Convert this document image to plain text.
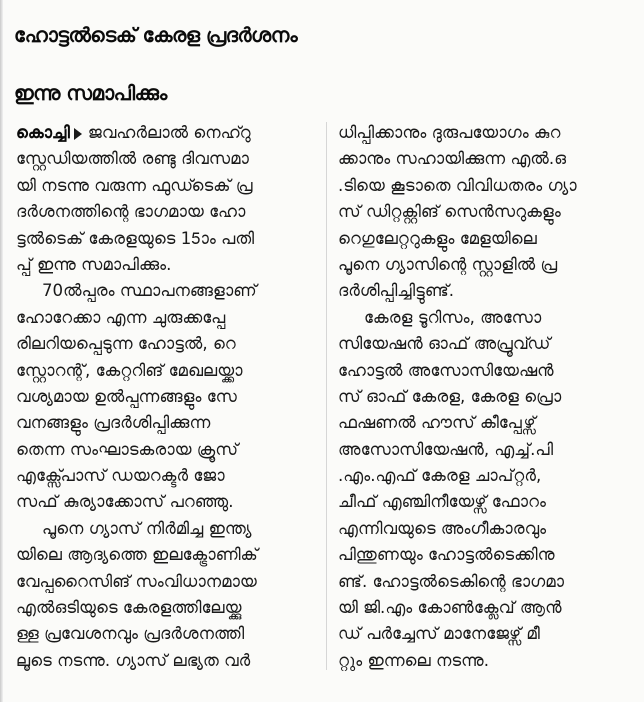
ഹോട്ടൽടെക് കേരള പ്രദർശനം
ഇന്നു സമാപിക്കും
കൊച്ചി ജവഹർലാൽ നെഹ്റു
സ്റ്റേഡിയത്തിൽ രണ്ടു ദിവസമാ
യി നടന്നു വരുന്ന ഫുഡ്ടെക് പ്ര
ദർശനത്തിന്റെ ഭാഗമായ ഹോ
ട്ടൽടെക് കേരളയുടെ 15ാം പതി
പ്പ് ഇന്നു സമാപിക്കും.
70ൽപ്പരം സ്ഥാപനങ്ങളാണ്
ഹോറേക്കാ എന്ന ചുരുക്കപ്പേ
രിലറിയപ്പെടുന്ന ഹോട്ടൽ, റെ
സ്റ്റോറന്റ്, കേറ്ററിങ് മേഖലയ്ക്കാ
വശ്യമായ ഉൽപ്പന്നങ്ങളും സേ
വനങ്ങളും പ്രദർശിപ്പിക്കുന്ന
തെന്ന സംഘാടകരായ ക്രൂസ്
എക്സ്പോസ് ഡയറക്ടർ ജോ
സഫ് കുര്യാക്കോസ് പറഞ്ഞു.
പൂനെ ഗ്യാസ് നിർമിച്ച ഇന്ത്യ
യിലെ ആദ്യത്തെ ഇലക്ട്രോണിക്
വേപ്പറൈസിങ് സംവിധാനമായ
എൽഒടിയുടെ കേരളത്തിലേയ്ക്കു
ള്ള പ്രവേശനവും പ്രദർശനത്തി
ലൂടെ നടന്നു. ഗ്യാസ് ലഭ്യത വർ
ധിപ്പിക്കാനും ദുരുപയോഗം കുറ
ക്കാനും സഹായിക്കുന്ന എൽ.ഒ
.ടിയെ കൂടാതെ വിവിധതരം ഗ്യാ
സ് ഡിറ്റക്റ്റിങ് സെൻസറുകളും
റെഗുലേറ്ററുകളും മേളയിലെ
പൂനെ ഗ്യാസിന്റെ സ്റ്റാളിൽ പ്ര
ദർശിപ്പിച്ചിട്ടുണ്ട്.
കേരള ടൂറിസം, അസോ
സിയേഷൻ ഓഫ് അപ്രൂവ്ഡ്
ഹോട്ടൽ അസോസിയേഷൻ
സ് ഓഫ് കേരള, കേരള പ്രൊ
ഫഷണൽ ഹൗസ് കീപ്പേഴ്സ്
അസോസിയേഷൻ, എച്ച്.പി
.എം.എഫ് കേരള ചാപ്റ്റർ,
ചീഫ് എഞ്ചിനീയേഴ്സ് ഫോറം
എന്നിവയുടെ അംഗീകാരവും
പിന്തുണയും ഹോട്ടൽടെക്കിനു
ണ്ട്. ഹോട്ടൽടെകിന്റെ ഭാഗമാ
യി ജി.എം കോൺക്ലേവ് ആൻ
ഡ് പർച്ചേസ് മാനേജേഴ്സ് മീ
റ്റും ഇന്നലെ നടന്നു.
